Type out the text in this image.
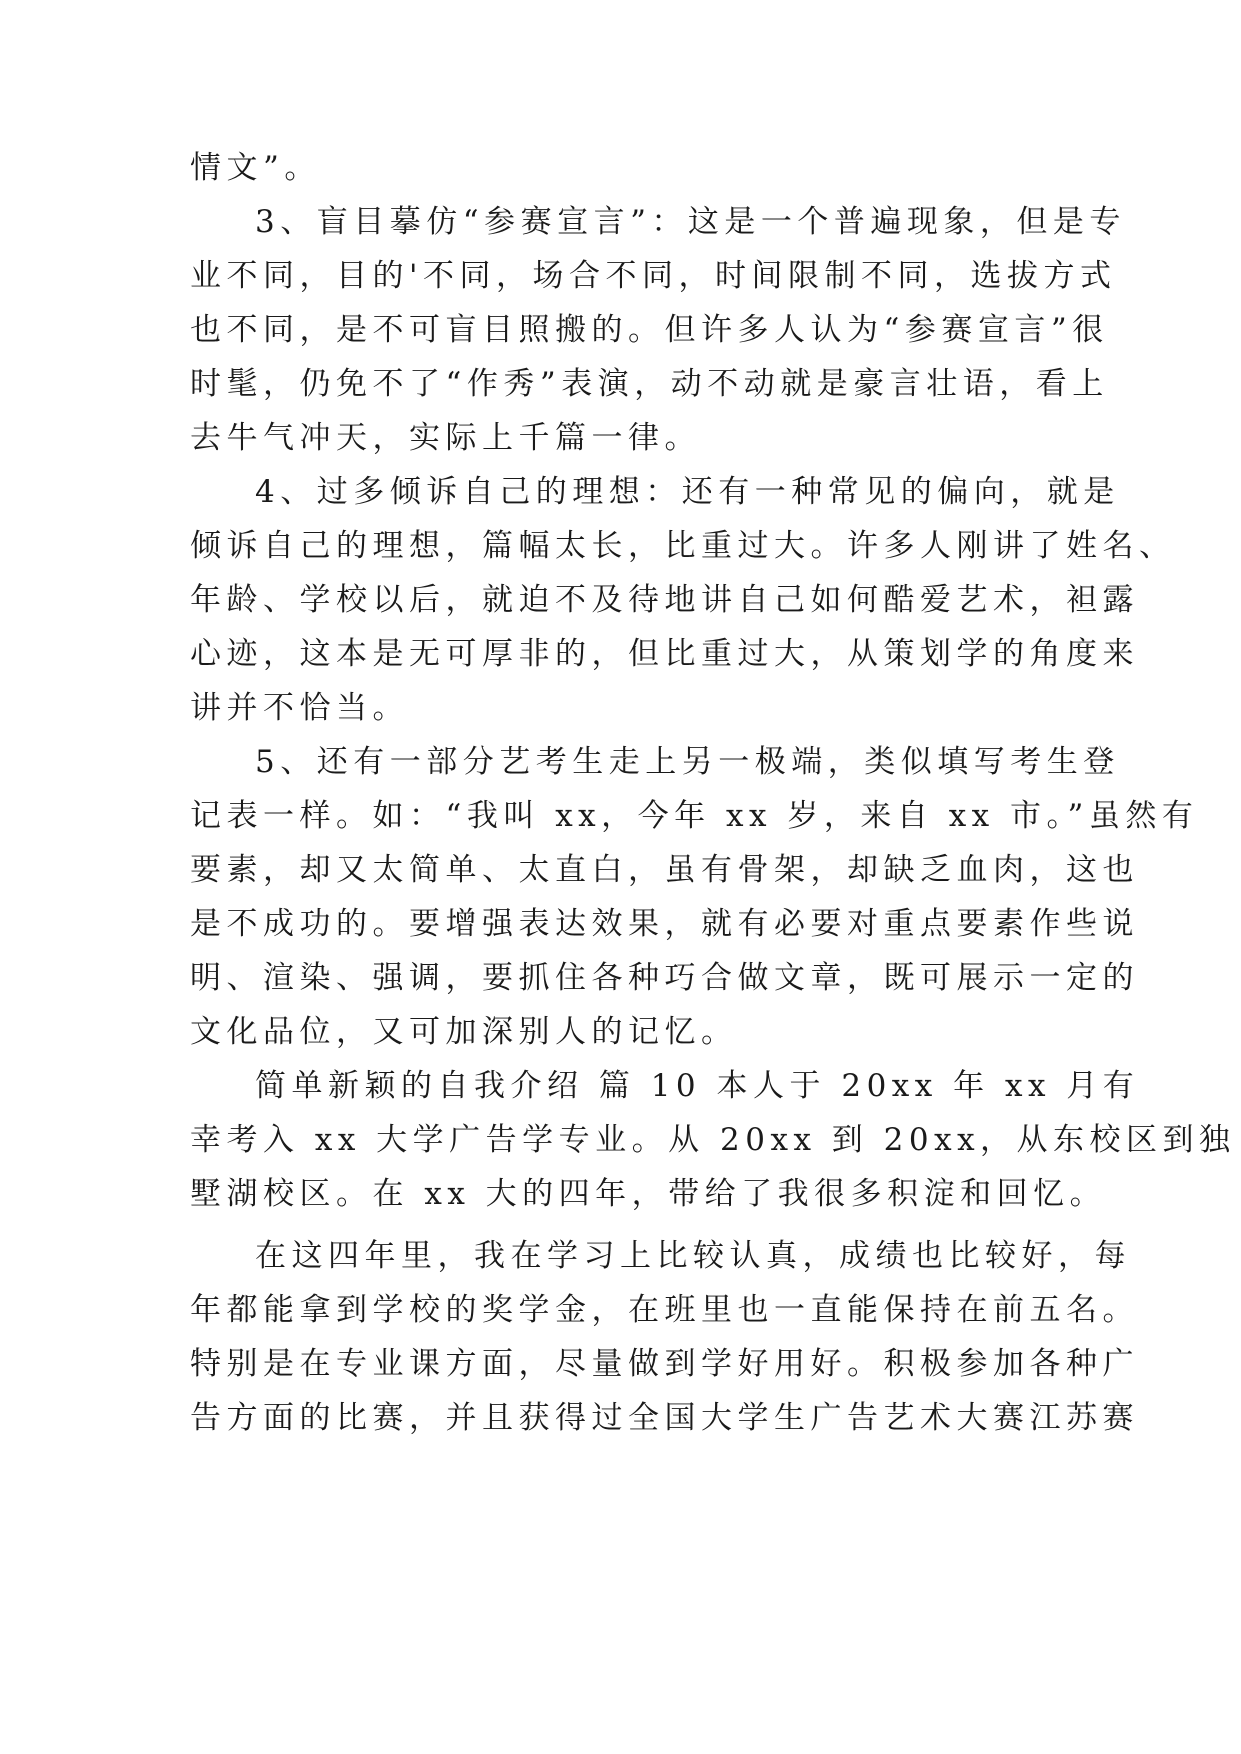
情文”。
3、盲目摹仿“参赛宣言”：这是一个普遍现象，但是专
业不同，目的'不同，场合不同，时间限制不同，选拔方式
也不同，是不可盲目照搬的。但许多人认为“参赛宣言”很
时髦，仍免不了“作秀”表演，动不动就是豪言壮语，看上
去牛气冲天，实际上千篇一律。
4、过多倾诉自己的理想：还有一种常见的偏向，就是
倾诉自己的理想，篇幅太长，比重过大。许多人刚讲了姓名、
年龄、学校以后，就迫不及待地讲自己如何酷爱艺术，袒露
心迹，这本是无可厚非的，但比重过大，从策划学的角度来
讲并不恰当。
5、还有一部分艺考生走上另一极端，类似填写考生登
记表一样。如：“我叫 xx，今年 xx 岁，来自 xx 市。”虽然有
要素，却又太简单、太直白，虽有骨架，却缺乏血肉，这也
是不成功的。要增强表达效果，就有必要对重点要素作些说
明、渲染、强调，要抓住各种巧合做文章，既可展示一定的
文化品位，又可加深别人的记忆。
简单新颖的自我介绍 篇 10 本人于 20xx 年 xx 月有
幸考入 xx 大学广告学专业。从 20xx 到 20xx，从东校区到独
墅湖校区。在 xx 大的四年，带给了我很多积淀和回忆。
在这四年里，我在学习上比较认真，成绩也比较好，每
年都能拿到学校的奖学金，在班里也一直能保持在前五名。
特别是在专业课方面，尽量做到学好用好。积极参加各种广
告方面的比赛，并且获得过全国大学生广告艺术大赛江苏赛
